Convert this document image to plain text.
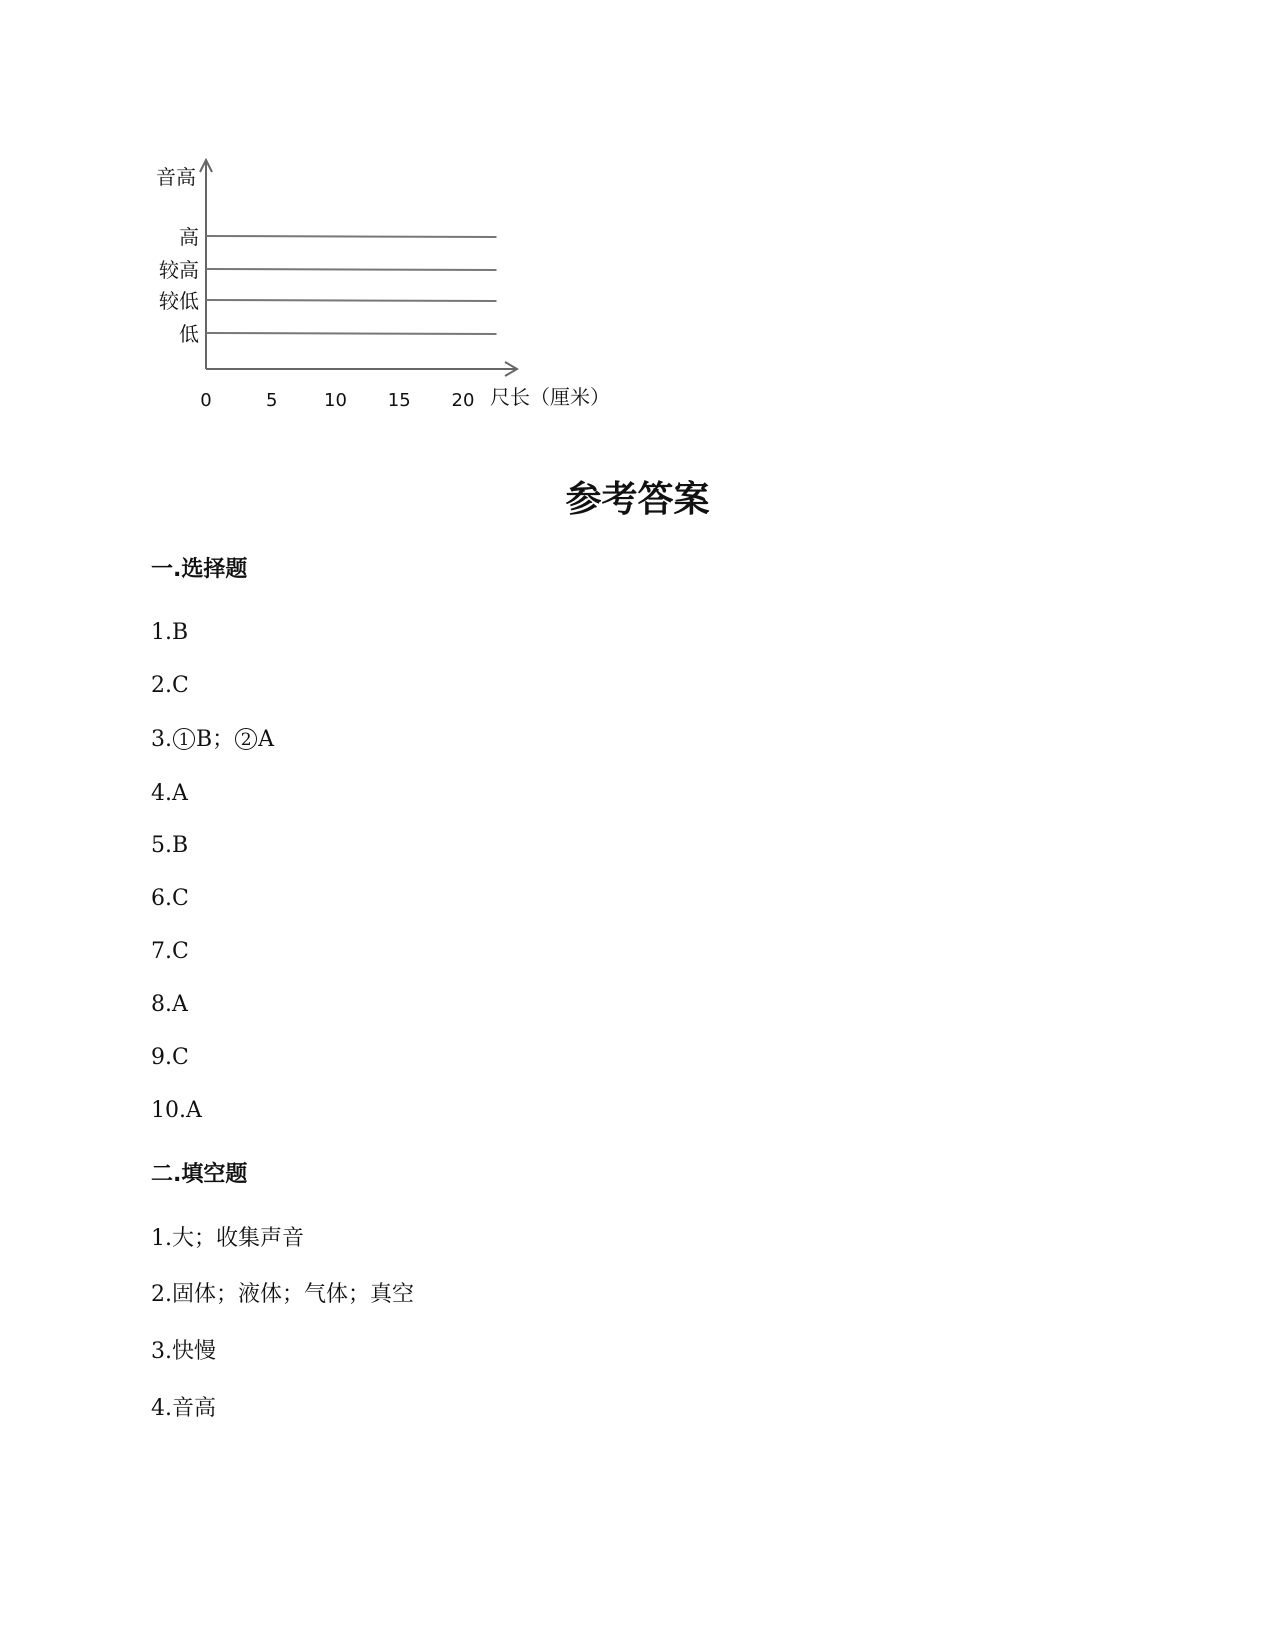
音高
尺长（厘米）
低
较低
较高
高
0	5	10 15 20
参考答案
一.选择题
1.B
2.C
3. 1 B； 2 A
4.A
5.B
6.C
7.C
8.A
9.C
10.A
二.填空题
1.大；收集声音
2.固体；液体；气体；真空
3.快慢
4.音高
